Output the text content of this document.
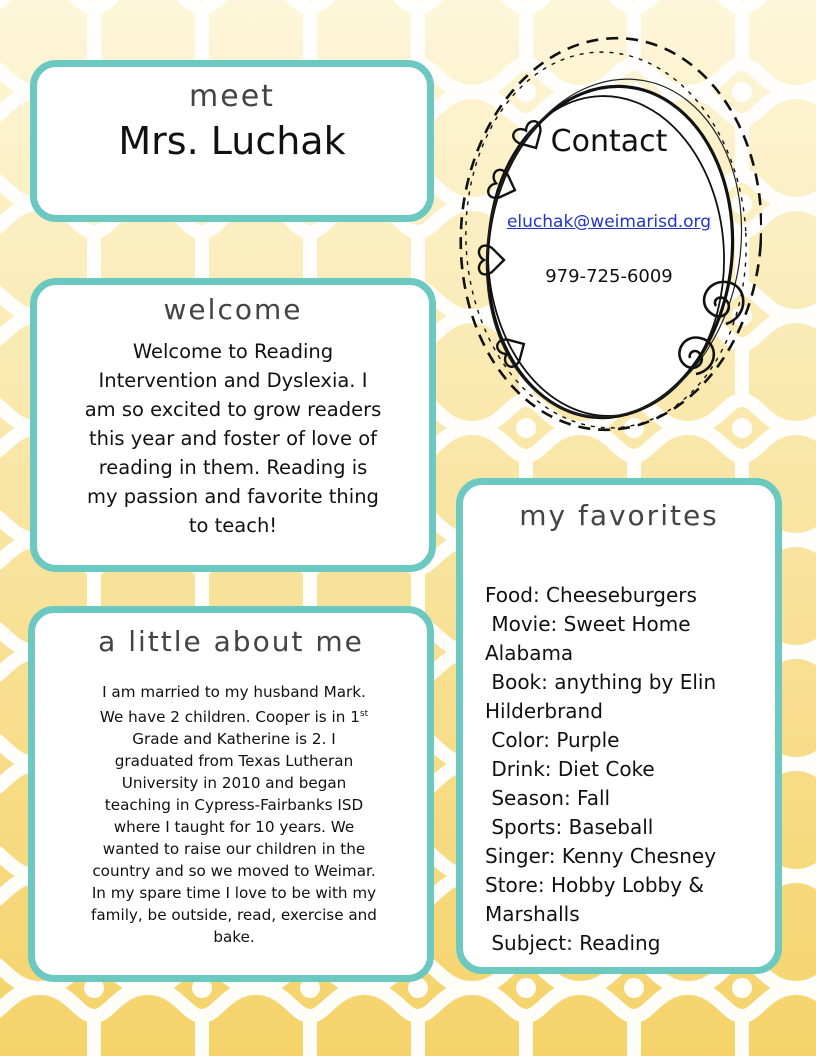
meet
Mrs. Luchak	Contact
eluchak@weimarisd.org
979-725-6009
welcome
Welcome to Reading Intervention and Dyslexia. I am so excited to grow readers this year and foster of love of reading in them. Reading is my passion and favorite thing to teach!
a little about me
I am married to my husband Mark. We have 2 children. Cooper is in 1st Grade and Katherine is 2. I graduated from Texas Lutheran University in 2010 and began teaching in Cypress-Fairbanks ISD where I taught for 10 years. We wanted to raise our children in the country and so we moved to Weimar. In my spare time I love to be with my family, be outside, read, exercise and bake.
my favorites
Food: Cheeseburgers
Movie: Sweet Home Alabama
Book: anything by Elin Hilderbrand
Color: Purple
Drink: Diet Coke
Season: Fall
Sports: Baseball
Singer: Kenny Chesney
Store: Hobby Lobby & Marshalls
Subject: Reading
